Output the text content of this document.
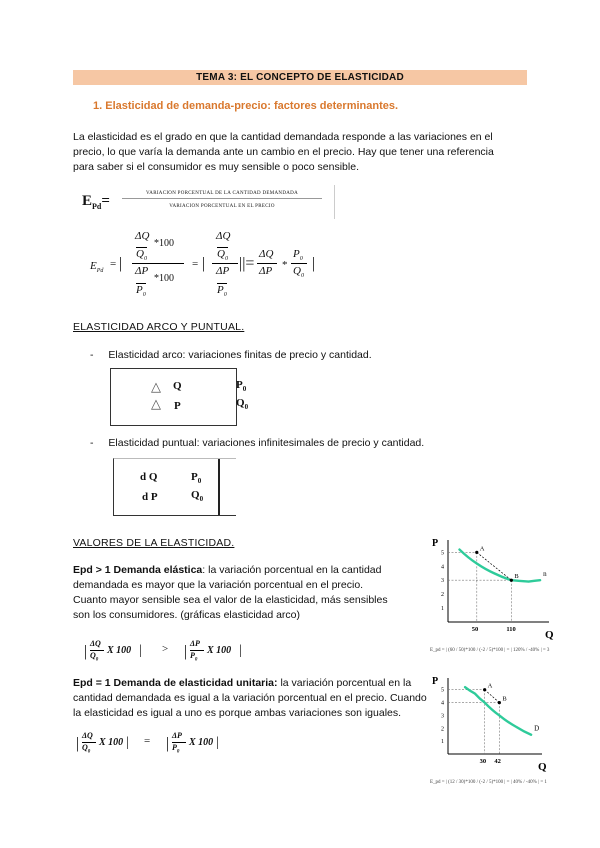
TEMA 3: EL CONCEPTO DE ELASTICIDAD
1. Elasticidad de demanda-precio: factores determinantes.
La elasticidad es el grado en que la cantidad demandada responde a las variaciones en el
precio, lo que varía la demanda ante un cambio en el precio. Hay que tener una referencia
para saber si el consumidor es muy sensible o poco sensible.
$E_{Pd}=$	VARIACION PORCENTUAL DE LA CANTIDAD DEMANDADA
VARIACION PORCENTUAL EN EL PRECIO
$E_{Pd}$
= |
ΔQ
*100
$Q_0$
ΔP
*100
$P_0$
= |
ΔQ
$Q_0$
ΔP
$P_0$
||=
ΔQ
ΔP *
$P_0$
$Q_0$
|
ELASTICIDAD ARCO Y PUNTUAL.
- Elasticidad arco: variaciones finitas de precio y cantidad.
△ Q
△ P
$P_0$
$Q_0$
- Elasticidad puntual: variaciones infinitesimales de precio y cantidad.
d Q
d P
$P_0$
$Q_0$
VALORES DE LA ELASTICIDAD.
Epd > 1 Demanda elástica: la variación porcentual en la cantidad
demandada es mayor que la variación porcentual en el precio.
Cuanto mayor sensible sea el valor de la elasticidad, más sensibles
son los consumidores. (gráficas elasticidad arco)
| ΔQ
$Q_0$
X 100 | > | ΔP
$P_0$
X 100 |
Epd = 1 Demanda de elasticidad unitaria: la variación porcentual en la
cantidad demandada es igual a la variación porcentual en el precio. Cuando
la elasticidad es igual a uno es porque ambas variaciones son iguales.
| ΔQ
$Q_0$
X 100 | = | ΔP
$P_0$
X 100 |
P
Q
5
4
3
2
1
50	110
A
B	n
E_pd = | (60 / 50)*100 / (-2 / 5)*100 | = | 120% / -40% | = 3
P
Q
5
4
3
2
1
30 42
A
B
D
E_pd = | (12 / 30)*100 / (-2 / 5)*100 | = | 40% / -40% | = 1
